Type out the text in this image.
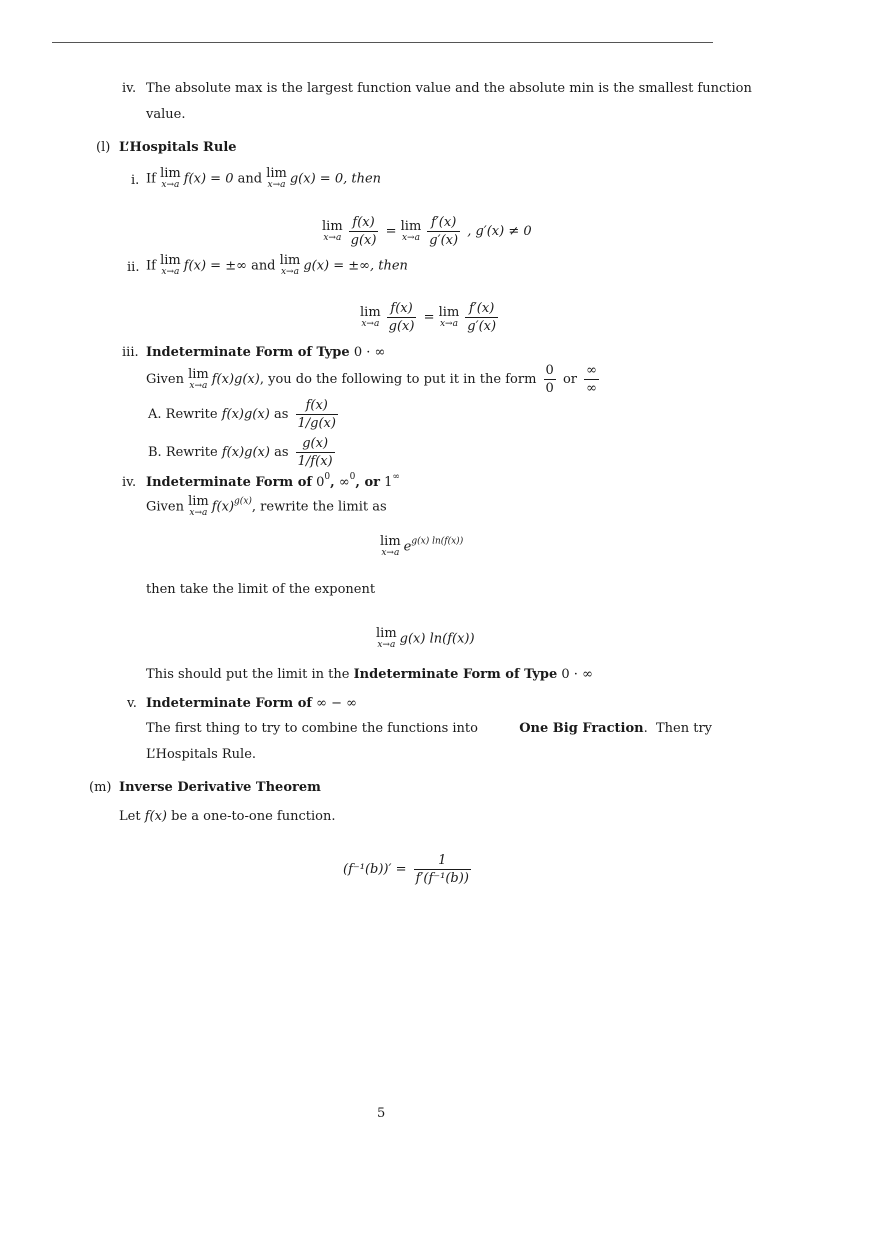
iv. The absolute max is the largest function value and the absolute min is the smallest function
value.
(l) L’Hospitals Rule
i. If lim
x→a f(x) = 0 and lim
x→a g(x) = 0, then
lim
$x\to a \frac{f(x)}{g(x)} = \lim$
$x\to a \frac{f'(x)}{g'(x)}$ , g′(x) ≠ 0
ii. If lim
x→a f(x) = ±∞ and lim
x→a g(x) = ±∞, then
lim
$x\to a \frac{f(x)}{g(x)} = \lim$
$x\to a \frac{f'(x)}{g'(x)}$
iii. Indeterminate Form of Type 0 · ∞
Given lim
x→a f(x)g(x), you do the following to put it in the form $\frac{0}{0}$ or $\frac{\infty}{\infty}$
A. Rewrite f(x)g(x) as $\frac{f(x)}{1/g(x)}$
B. Rewrite f(x)g(x) as $\frac{g(x)}{1/f(x)}$
iv. Indeterminate Form of $0^0$, ∞$^0$, or 1∞
Given lim
x→a $f(x)^{g(x)}$, rewrite the limit as
lim
x→a $e^{g(x) ln(f(x))}$
then take the limit of the exponent
lim
x→a g(x) ln(f(x))
This should put the limit in the Indeterminate Form of Type 0 · ∞
v. Indeterminate Form of ∞ − ∞
The first thing to try to combine the functions into	One Big Fraction .  Then try
L’Hospitals Rule.
(m) Inverse Derivative Theorem
Let f(x) be a one-to-one function.
$(f^{-1}(b))' = \frac{1}{\text{f′(f⁻¹(b))}}$
5
